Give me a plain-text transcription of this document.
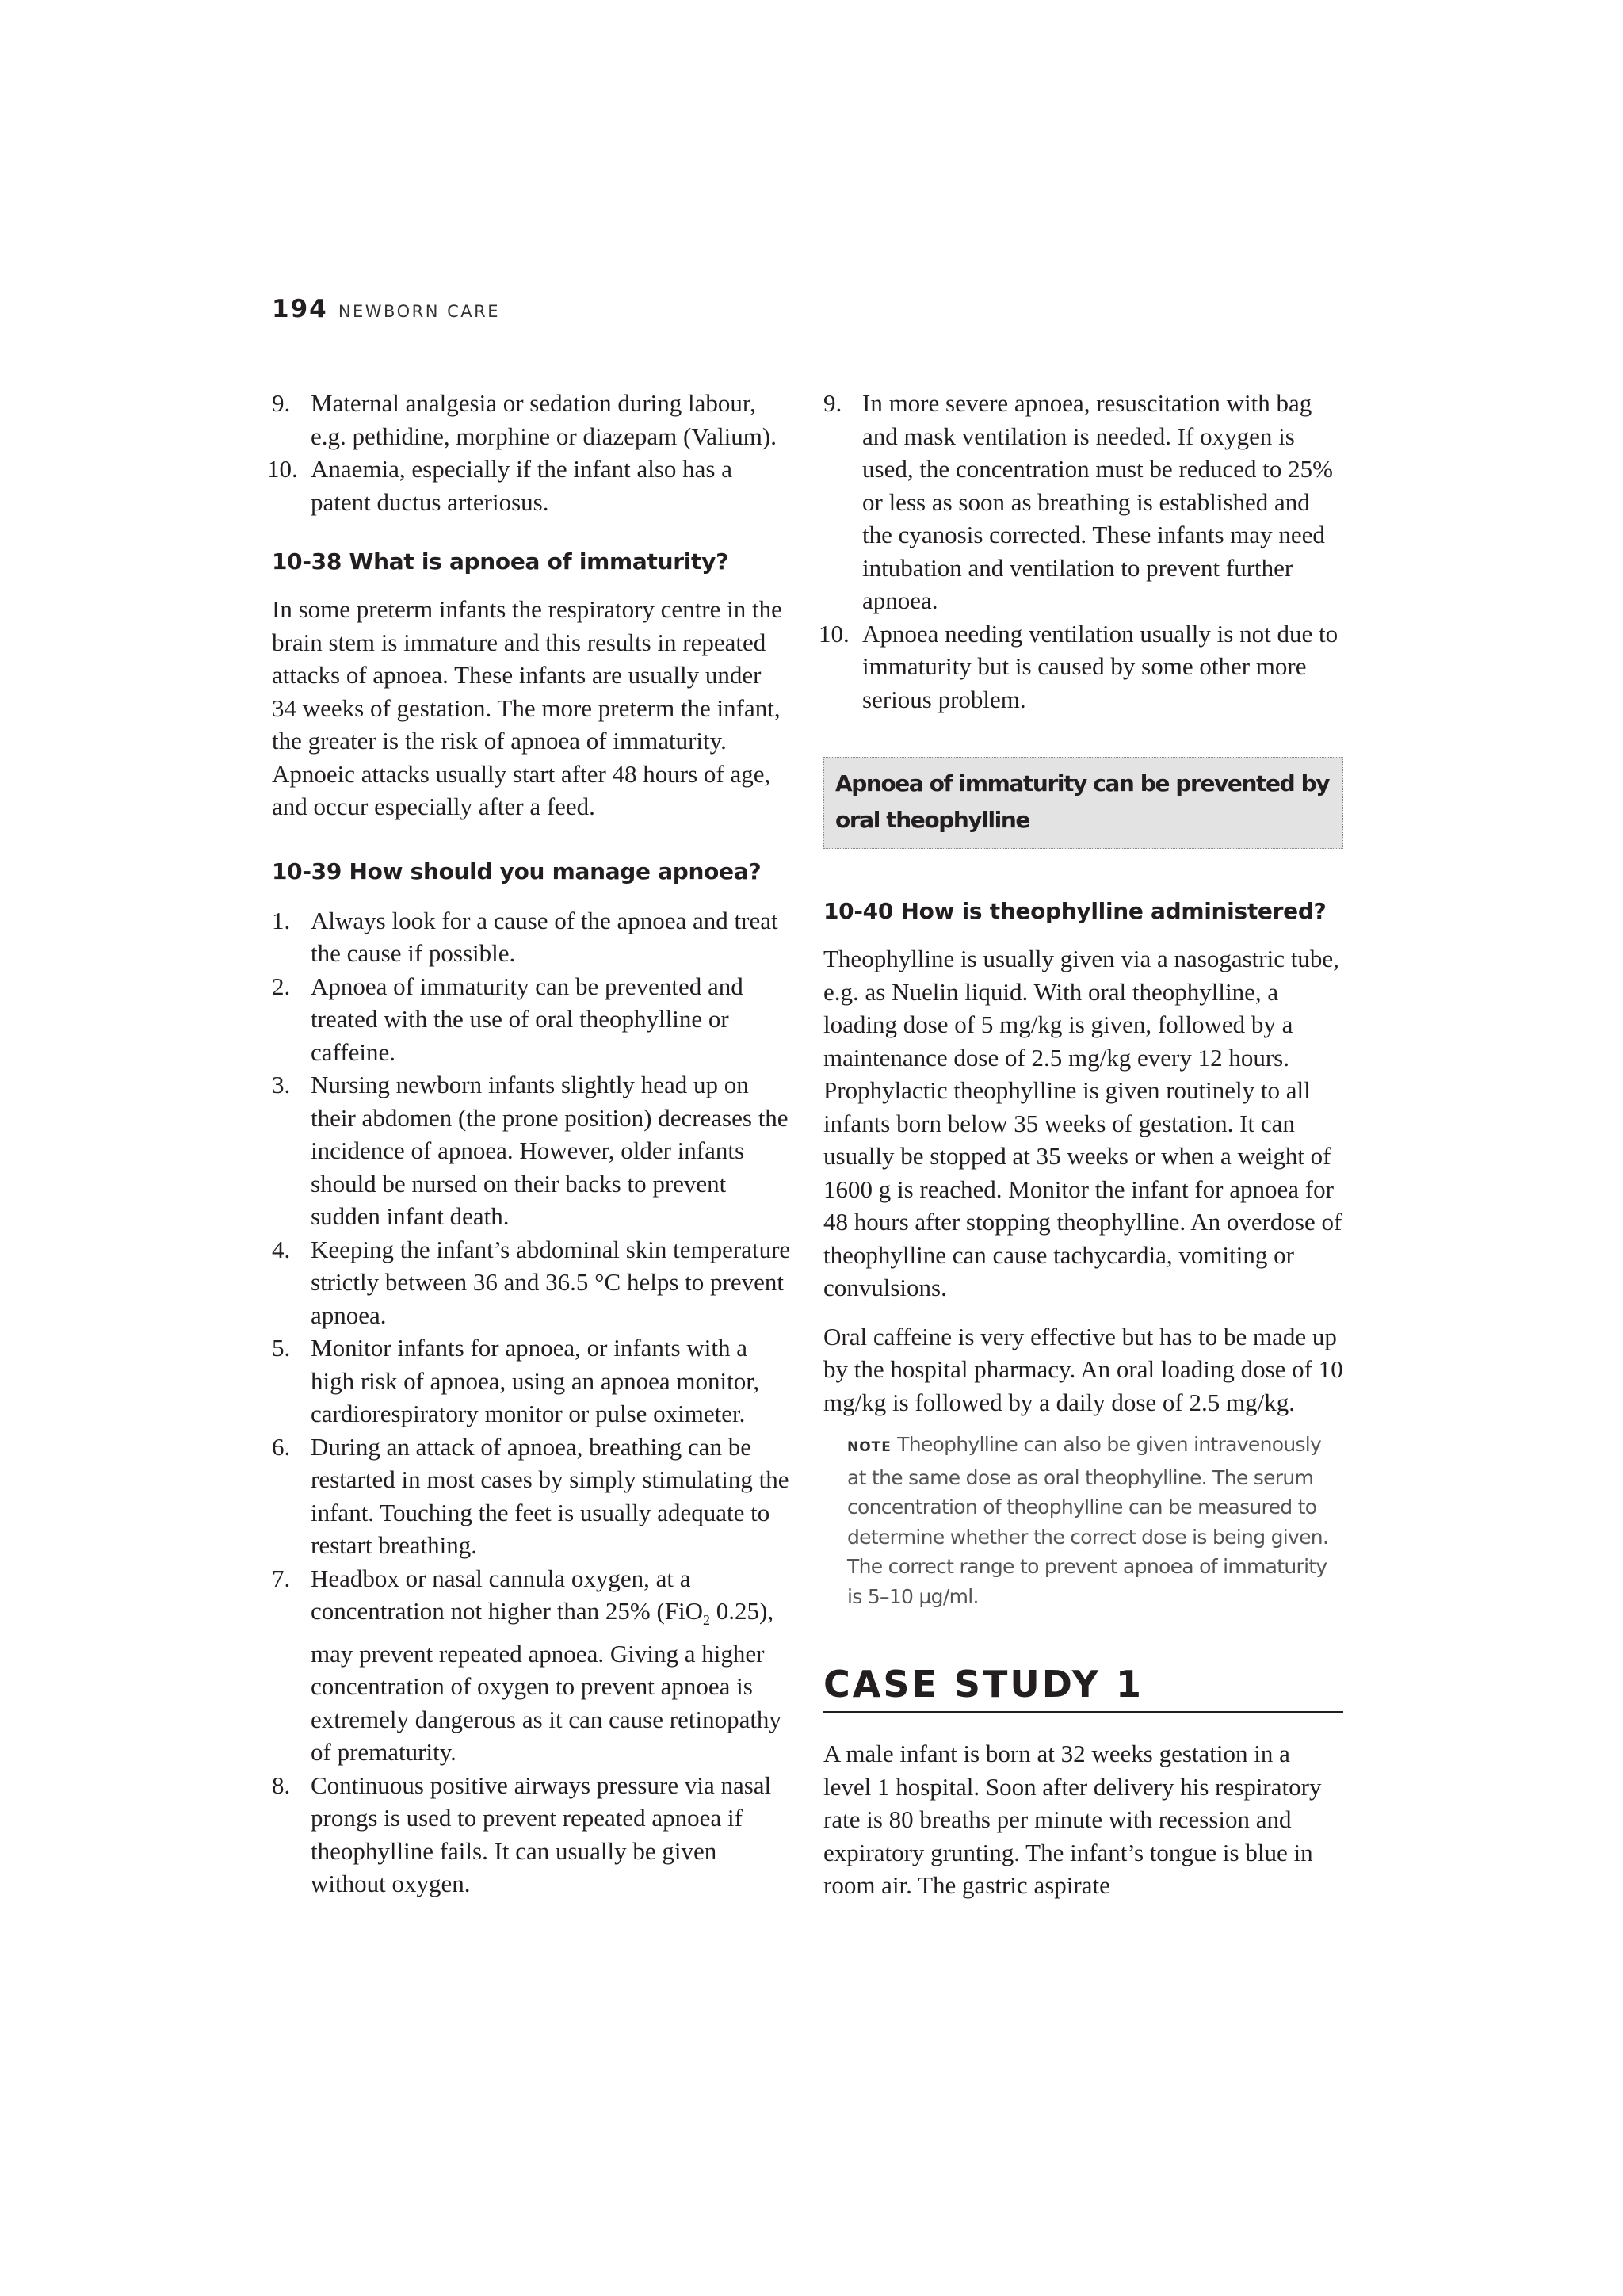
194 NEWBORN CARE
9. Maternal analgesia or sedation during labour, e.g. pethidine, morphine or diazepam (Valium).
10. Anaemia, especially if the infant also has a patent ductus arteriosus.
10-38 What is apnoea of immaturity?

In some preterm infants the respiratory centre in the brain stem is immature and this results in repeated attacks of apnoea. These infants are usually under 34 weeks of gestation. The more preterm the infant, the greater is the risk of apnoea of immaturity. Apnoeic attacks usually start after 48 hours of age, and occur especially after a feed.

10-39 How should you manage apnoea?
1. Always look for a cause of the apnoea and treat the cause if possible.
2. Apnoea of immaturity can be prevented and treated with the use of oral theophylline or caffeine.
3. Nursing newborn infants slightly head up on their abdomen (the prone position) decreases the incidence of apnoea. However, older infants should be nursed on their backs to prevent sudden infant death.
4. Keeping the infant’s abdominal skin temperature strictly between 36 and 36.5 °C helps to prevent apnoea.
5. Monitor infants for apnoea, or infants with a high risk of apnoea, using an apnoea monitor, cardiorespiratory monitor or pulse oximeter.
6. During an attack of apnoea, breathing can be restarted in most cases by simply stimulating the infant. Touching the feet is usually adequate to restart breathing.
7. Headbox or nasal cannula oxygen, at a concentration not higher than 25% (FiO$_2$ 0.25), may prevent repeated apnoea. Giving a higher concentration of oxygen to prevent apnoea is extremely dangerous as it can cause retinopathy of prematurity.
8. Continuous positive airways pressure via nasal prongs is used to prevent repeated apnoea if theophylline fails. It can usually be given without oxygen.
9. In more severe apnoea, resuscitation with bag and mask ventilation is needed. If oxygen is used, the concentration must be reduced to 25% or less as soon as breathing is established and the cyanosis corrected. These infants may need intubation and ventilation to prevent further apnoea.
10. Apnoea needing ventilation usually is not due to immaturity but is caused by some other more serious problem.
Apnoea of immaturity can be prevented by oral theophylline
10-40 How is theophylline administered?

Theophylline is usually given via a nasogastric tube, e.g. as Nuelin liquid. With oral theophylline, a loading dose of 5 mg/kg is given, followed by a maintenance dose of 2.5 mg/kg every 12 hours. Prophylactic theophylline is given routinely to all infants born below 35 weeks of gestation. It can usually be stopped at 35 weeks or when a weight of 1600 g is reached. Monitor the infant for apnoea for 48 hours after stopping theophylline. An overdose of theophylline can cause tachycardia, vomiting or convulsions.

Oral caffeine is very effective but has to be made up by the hospital pharmacy. An oral loading dose of 10 mg/kg is followed by a daily dose of 2.5 mg/kg.

NOTE Theophylline can also be given intravenously at the same dose as oral theophylline. The serum concentration of theophylline can be measured to determine whether the correct dose is being given. The correct range to prevent apnoea of immaturity is 5–10 µg/ml.
CASE STUDY 1

A male infant is born at 32 weeks gestation in a level 1 hospital. Soon after delivery his respiratory rate is 80 breaths per minute with recession and expiratory grunting. The infant’s tongue is blue in room air. The gastric aspirate
